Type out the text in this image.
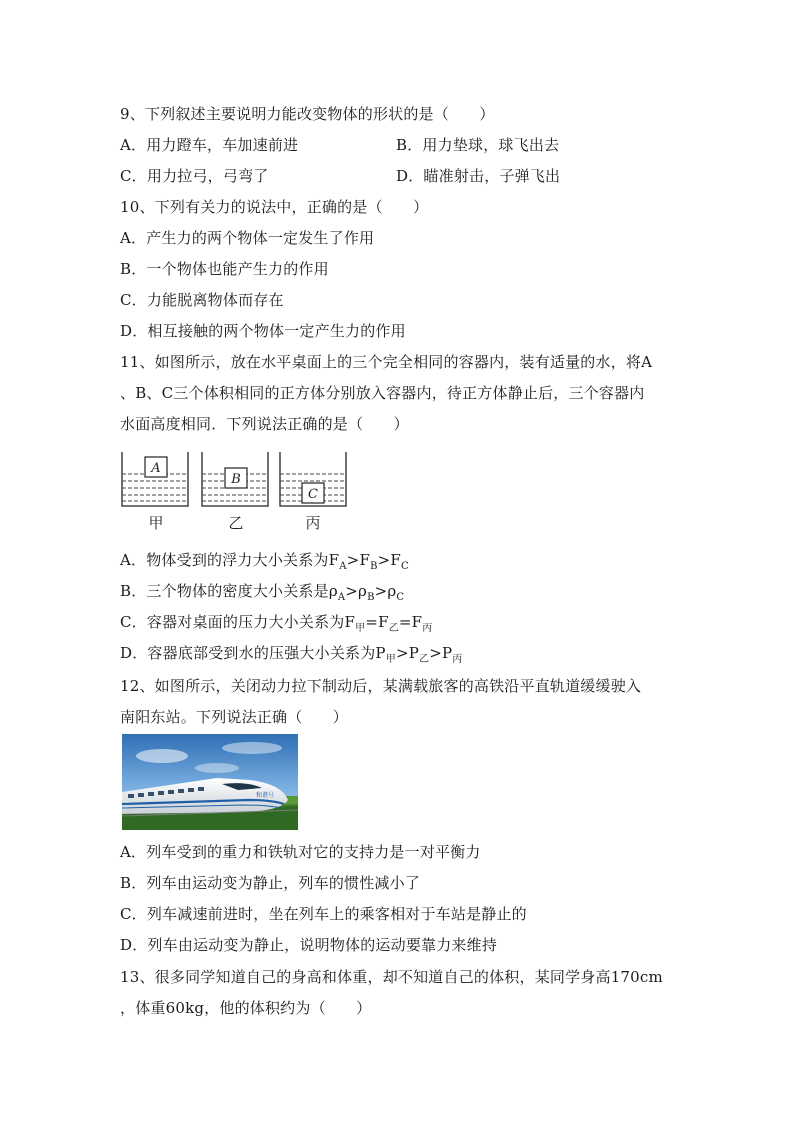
9、下列叙述主要说明力能改变物体的形状的是（　　）
A．用力蹬车，车加速前进	B．用力垫球，球飞出去
C．用力拉弓，弓弯了	D．瞄准射击，子弹飞出
10、下列有关力的说法中，正确的是（　　）
A．产生力的两个物体一定发生了作用
B．一个物体也能产生力的作用
C．力能脱离物体而存在
D．相互接触的两个物体一定产生力的作用
11、如图所示，放在水平桌面上的三个完全相同的容器内，装有适量的水，将A
、B、C三个体积相同的正方体分别放入容器内，待正方体静止后，三个容器内
水面高度相同．下列说法正确的是（　　）
A
甲
B
乙
C
丙
A．物体受到的浮力大小关系为$F_A>F_B>F_C$
B．三个物体的密度大小关系是$\rho_A>\rho_B>\rho_C$
C．容器对桌面的压力大小关系为$F_甲=F_乙=F_丙$
D．容器底部受到水的压强大小关系为$P_甲>P_乙>P_丙$
12、如图所示，关闭动力拉下制动后，某满载旅客的高铁沿平直轨道缓缓驶入
南阳东站。下列说法正确（　　）
和谐号
A．列车受到的重力和铁轨对它的支持力是一对平衡力
B．列车由运动变为静止，列车的惯性减小了
C．列车减速前进时，坐在列车上的乘客相对于车站是静止的
D．列车由运动变为静止，说明物体的运动要靠力来维持
13、很多同学知道自己的身高和体重，却不知道自己的体积，某同学身高170cm
，体重60kg，他的体积约为（　　）
